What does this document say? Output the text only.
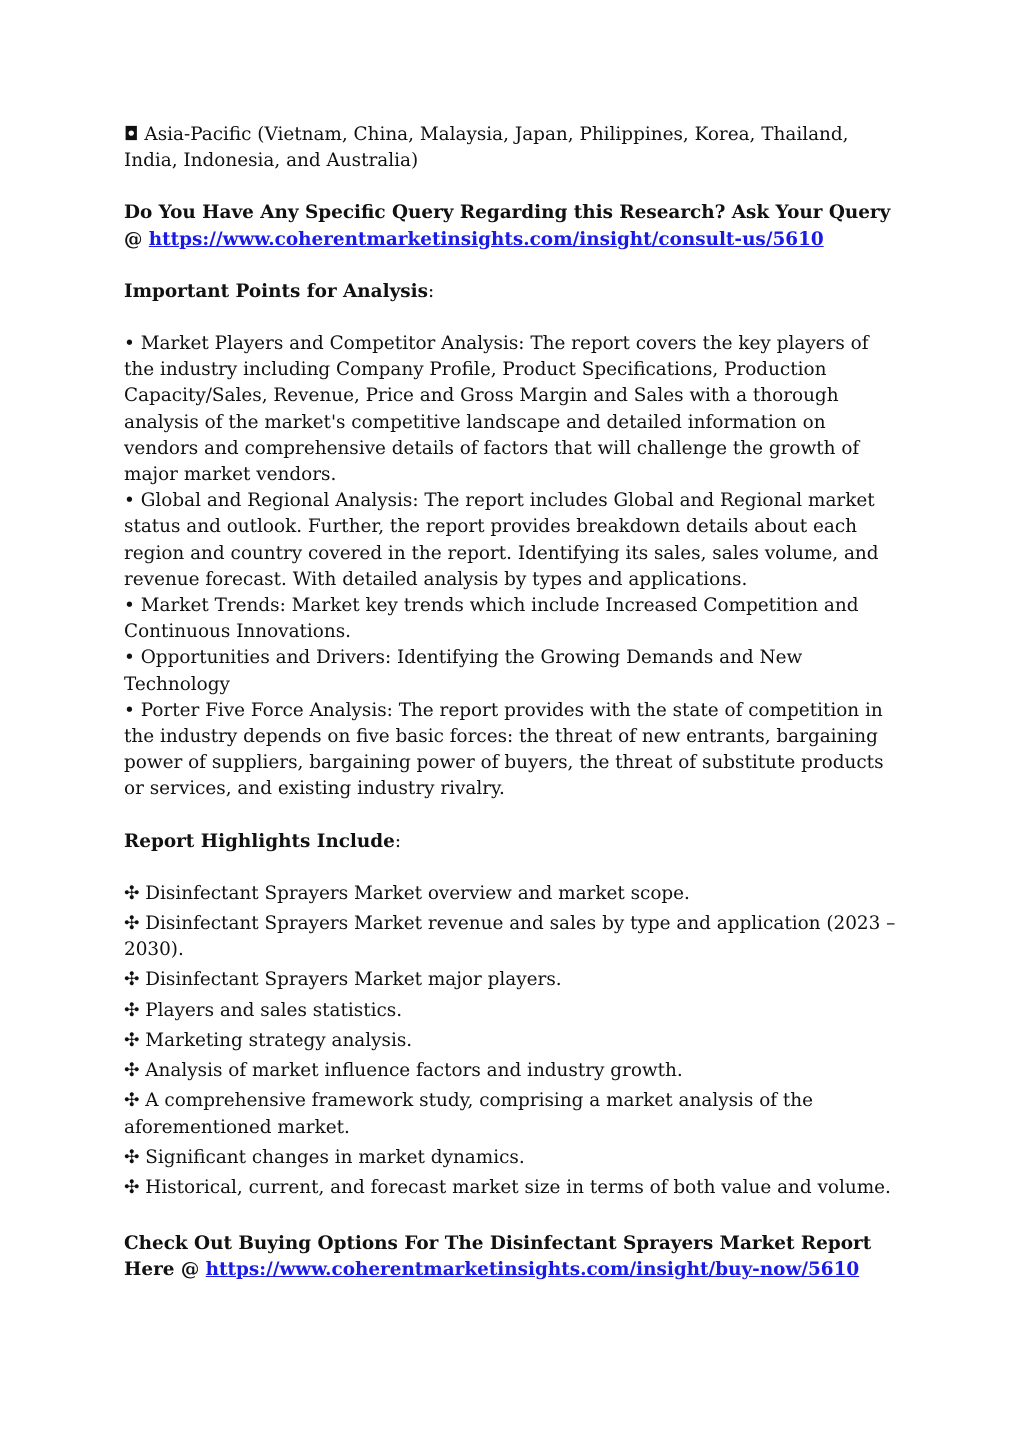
◘ Asia-Pacific (Vietnam, China, Malaysia, Japan, Philippines, Korea, Thailand, India, Indonesia, and Australia)

Do You Have Any Specific Query Regarding this Research? Ask Your Query @ https://www.coherentmarketinsights.com/insight/consult-us/5610

Important Points for Analysis:

• Market Players and Competitor Analysis: The report covers the key players of the industry including Company Profile, Product Specifications, Production Capacity/Sales, Revenue, Price and Gross Margin and Sales with a thorough analysis of the market's competitive landscape and detailed information on vendors and comprehensive details of factors that will challenge the growth of major market vendors.
• Global and Regional Analysis: The report includes Global and Regional market status and outlook. Further, the report provides breakdown details about each region and country covered in the report. Identifying its sales, sales volume, and revenue forecast. With detailed analysis by types and applications.
• Market Trends: Market key trends which include Increased Competition and Continuous Innovations.
• Opportunities and Drivers: Identifying the Growing Demands and New Technology
• Porter Five Force Analysis: The report provides with the state of competition in the industry depends on five basic forces: the threat of new entrants, bargaining power of suppliers, bargaining power of buyers, the threat of substitute products or services, and existing industry rivalry.

Report Highlights Include:

✣ Disinfectant Sprayers Market overview and market scope.
✣ Disinfectant Sprayers Market revenue and sales by type and application (2023 – 2030).
✣ Disinfectant Sprayers Market major players.
✣ Players and sales statistics.
✣ Marketing strategy analysis.
✣ Analysis of market influence factors and industry growth.
✣ A comprehensive framework study, comprising a market analysis of the aforementioned market.
✣ Significant changes in market dynamics.
✣ Historical, current, and forecast market size in terms of both value and volume.

Check Out Buying Options For The Disinfectant Sprayers Market Report Here @ https://www.coherentmarketinsights.com/insight/buy-now/5610
